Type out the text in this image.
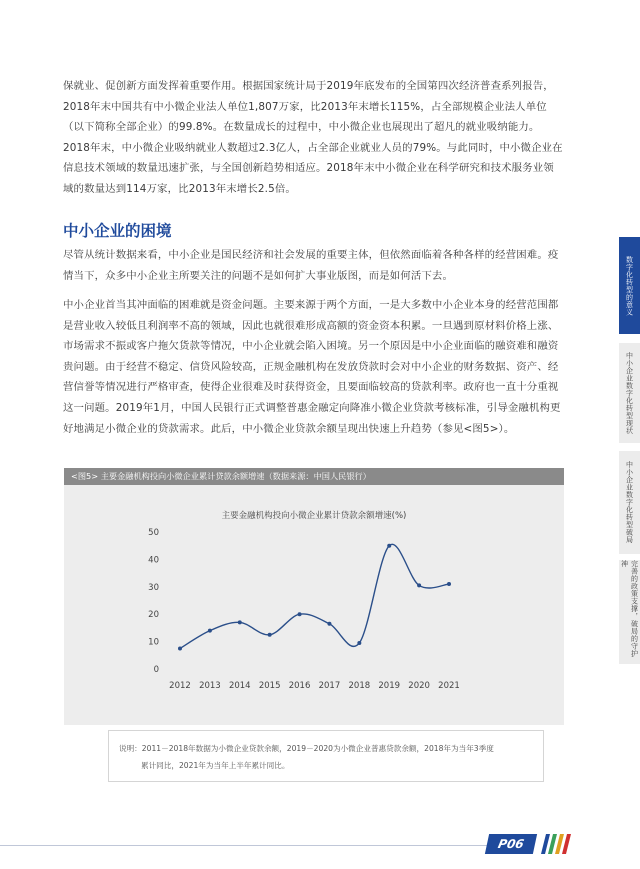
保就业、促创新方面发挥着重要作用。根据国家统计局于2019年底发布的全国第四次经济普查系列报告，2018年末中国共有中小微企业法人单位1,807万家，比2013年末增长115%，占全部规模企业法人单位（以下简称全部企业）的99.8%。在数量成长的过程中，中小微企业也展现出了超凡的就业吸纳能力。2018年末，中小微企业吸纳就业人数超过2.3亿人，占全部企业就业人员的79%。与此同时，中小微企业在信息技术领域的数量迅速扩张，与全国创新趋势相适应。2018年末中小微企业在科学研究和技术服务业领域的数量达到114万家，比2013年末增长2.5倍。

中小企业的困境

尽管从统计数据来看，中小企业是国民经济和社会发展的重要主体，但依然面临着各种各样的经营困难。疫情当下，众多中小企业主所要关注的问题不是如何扩大事业版图，而是如何活下去。

中小企业首当其冲面临的困难就是资金问题。主要来源于两个方面，一是大多数中小企业本身的经营范围都是营业收入较低且利润率不高的领域，因此也就很难形成高额的资金资本积累。一旦遇到原材料价格上涨、市场需求不振或客户拖欠货款等情况，中小企业就会陷入困境。另一个原因是中小企业面临的融资难和融资贵问题。由于经营不稳定、信贷风险较高，正规金融机构在发放贷款时会对中小企业的财务数据、资产、经营信誉等情况进行严格审查，使得企业很难及时获得资金，且要面临较高的贷款利率。政府也一直十分重视这一问题。2019年1月，中国人民银行正式调整普惠金融定向降准小微企业贷款考核标准，引导金融机构更好地满足小微企业的贷款需求。此后，中小微企业贷款余额呈现出快速上升趋势（参见<图5>）。

<图5> 主要金融机构投向小微企业累计贷款余额增速（数据来源：中国人民银行）
主要金融机构投向小微企业累计贷款余额增速(%)
0
10
20
30
40
50
2012 2013 2014 2015 2016 2017 2018 2019 2020 2021

说明：2011－2018年数据为小微企业贷款余额，2019－2020为小微企业普惠贷款余额，2018年为当年3季度
累计同比，2021年为当年上半年累计同比。

数字化转型的意义
中小企业数字化转型现状
中小企业数字化转型破局
完善的政策支撑，破局的守护神
P06
